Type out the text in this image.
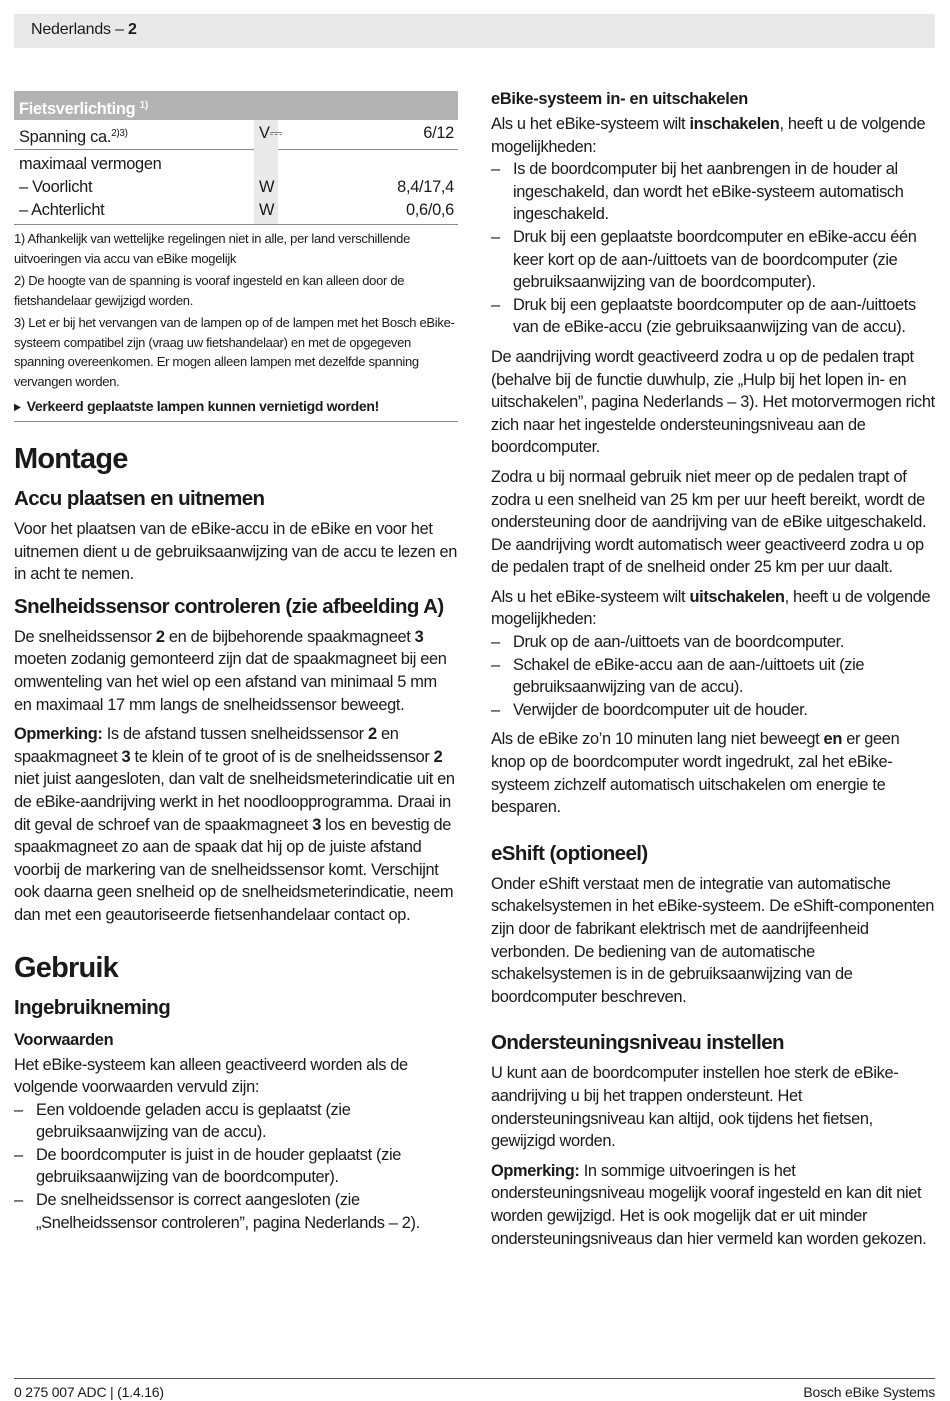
Nederlands – 2
Fietsverlichting $^{1)}$
Spanning ca.$^{2)3)}$	V⎓	6/12
maximaal vermogen
– Voorlicht	W	8,4/17,4
– Achterlicht	W	0,6/0,6
1) Afhankelijk van wettelijke regelingen niet in alle, per land verschillende uitvoeringen via accu van eBike mogelijk
2) De hoogte van de spanning is vooraf ingesteld en kan alleen door de fietshandelaar gewijzigd worden.
3) Let er bij het vervangen van de lampen op of de lampen met het Bosch eBike-systeem compatibel zijn (vraag uw fietshandelaar) en met de opgegeven spanning overeenkomen. Er mogen alleen lampen met dezelfde spanning vervangen worden.
▶ Verkeerd geplaatste lampen kunnen vernietigd worden!
Montage
Accu plaatsen en uitnemen

Voor het plaatsen van de eBike-accu in de eBike en voor het uitnemen dient u de gebruiksaanwijzing van de accu te lezen en in acht te nemen.

Snelheidssensor controleren (zie afbeelding A)

De snelheidssensor 2 en de bijbehorende spaakmagneet 3 moeten zodanig gemonteerd zijn dat de spaakmagneet bij een omwenteling van het wiel op een afstand van minimaal 5 mm en maximaal 17 mm langs de snelheidssensor beweegt.

Opmerking: Is de afstand tussen snelheidssensor 2 en spaakmagneet 3 te klein of te groot of is de snelheidssensor 2 niet juist aangesloten, dan valt de snelheidsmeterindicatie uit en de eBike-aandrijving werkt in het noodloopprogramma. Draai in dit geval de schroef van de spaakmagneet 3 los en bevestig de spaakmagneet zo aan de spaak dat hij op de juiste afstand voorbij de markering van de snelheidssensor komt. Verschijnt ook daarna geen snelheid op de snelheidsmeterindicatie, neem dan met een geautoriseerde fietsenhandelaar contact op.

Gebruik
Ingebruikneming
Voorwaarden

Het eBike-systeem kan alleen geactiveerd worden als de volgende voorwaarden vervuld zijn:

– Een voldoende geladen accu is geplaatst (zie gebruiksaanwijzing van de accu).
– De boordcomputer is juist in de houder geplaatst (zie gebruiksaanwijzing van de boordcomputer).
– De snelheidssensor is correct aangesloten (zie „Snelheidssensor controleren”, pagina Nederlands – 2).
eBike-systeem in- en uitschakelen

Als u het eBike-systeem wilt inschakelen, heeft u de volgende mogelijkheden:

– Is de boordcomputer bij het aanbrengen in de houder al ingeschakeld, dan wordt het eBike-systeem automatisch ingeschakeld.
– Druk bij een geplaatste boordcomputer en eBike-accu één keer kort op de aan-/uittoets van de boordcomputer (zie gebruiksaanwijzing van de boordcomputer).
– Druk bij een geplaatste boordcomputer op de aan-/uittoets van de eBike-accu (zie gebruiksaanwijzing van de accu).

De aandrijving wordt geactiveerd zodra u op de pedalen trapt (behalve bij de functie duwhulp, zie „Hulp bij het lopen in- en uitschakelen”, pagina Nederlands – 3). Het motorvermogen richt zich naar het ingestelde ondersteuningsniveau aan de boordcomputer.

Zodra u bij normaal gebruik niet meer op de pedalen trapt of zodra u een snelheid van 25 km per uur heeft bereikt, wordt de ondersteuning door de aandrijving van de eBike uitgeschakeld. De aandrijving wordt automatisch weer geactiveerd zodra u op de pedalen trapt of de snelheid onder 25 km per uur daalt.

Als u het eBike-systeem wilt uitschakelen, heeft u de volgende mogelijkheden:

– Druk op de aan-/uittoets van de boordcomputer.
– Schakel de eBike-accu aan de aan-/uittoets uit (zie gebruiksaanwijzing van de accu).
– Verwijder de boordcomputer uit de houder.

Als de eBike zo’n 10 minuten lang niet beweegt en er geen knop op de boordcomputer wordt ingedrukt, zal het eBike-systeem zichzelf automatisch uitschakelen om energie te besparen.

eShift (optioneel)

Onder eShift verstaat men de integratie van automatische schakelsystemen in het eBike-systeem. De eShift-componenten zijn door de fabrikant elektrisch met de aandrijfeenheid verbonden. De bediening van de automatische schakelsystemen is in de gebruiksaanwijzing van de boordcomputer beschreven.

Ondersteuningsniveau instellen

U kunt aan de boordcomputer instellen hoe sterk de eBike-aandrijving u bij het trappen ondersteunt. Het ondersteuningsniveau kan altijd, ook tijdens het fietsen, gewijzigd worden.

Opmerking: In sommige uitvoeringen is het ondersteuningsniveau mogelijk vooraf ingesteld en kan dit niet worden gewijzigd. Het is ook mogelijk dat er uit minder ondersteuningsniveaus dan hier vermeld kan worden gekozen.

0 275 007 ADC | (1.4.16)	Bosch eBike Systems
